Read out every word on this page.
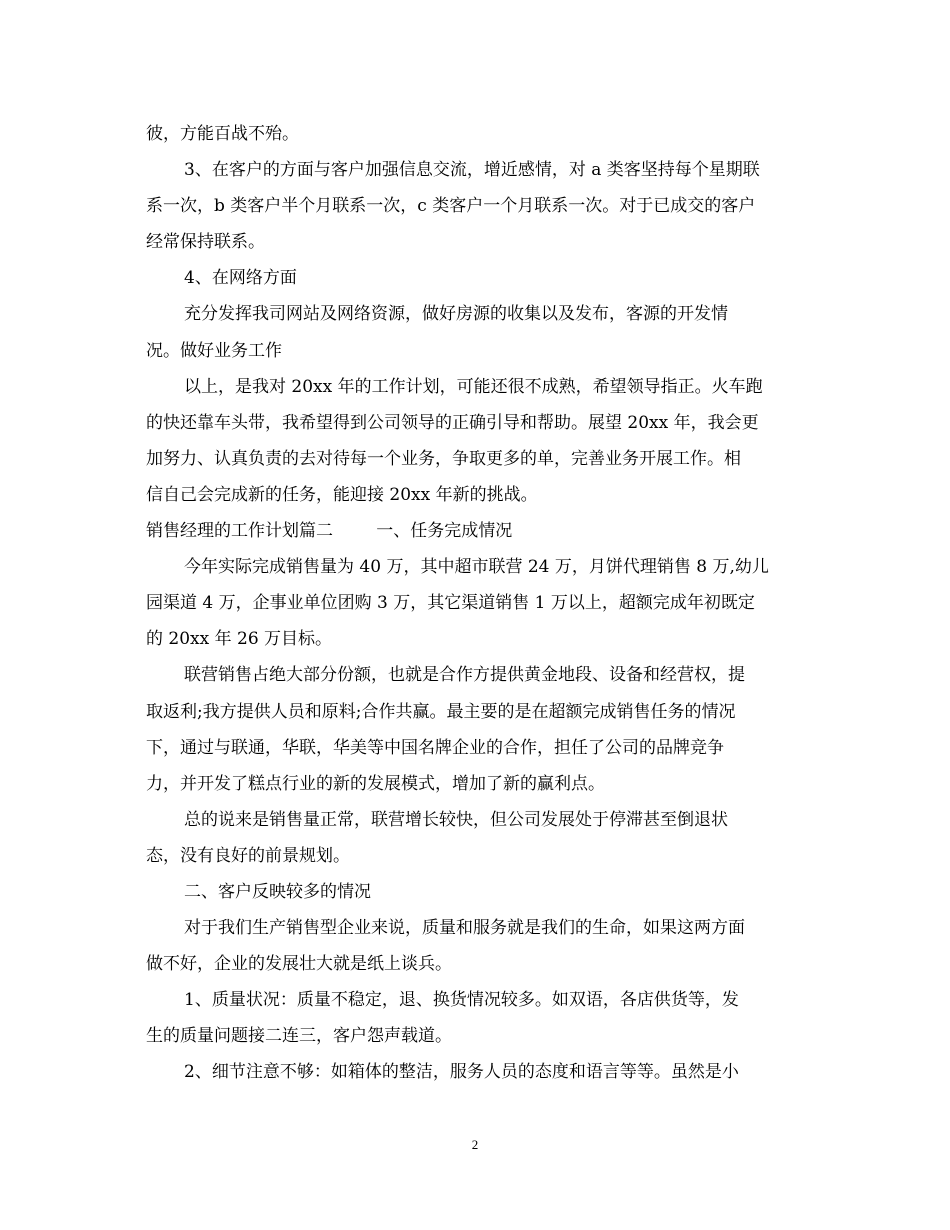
彼，方能百战不殆。
3、在客户的方面与客户加强信息交流，增近感情，对 a 类客坚持每个星期联
系一次，b 类客户半个月联系一次，c 类客户一个月联系一次。对于已成交的客户
经常保持联系。
4、在网络方面
充分发挥我司网站及网络资源，做好房源的收集以及发布，客源的开发情
况。做好业务工作
以上，是我对 20xx 年的工作计划，可能还很不成熟，希望领导指正。火车跑
的快还靠车头带，我希望得到公司领导的正确引导和帮助。展望 20xx 年，我会更
加努力、认真负责的去对待每一个业务，争取更多的单，完善业务开展工作。相
信自己会完成新的任务，能迎接 20xx 年新的挑战。
销售经理的工作计划篇二        一、任务完成情况
今年实际完成销售量为 40 万，其中超市联营 24 万，月饼代理销售 8 万,幼儿
园渠道 4 万，企事业单位团购 3 万，其它渠道销售 1 万以上，超额完成年初既定
的 20xx 年 26 万目标。
联营销售占绝大部分份额，也就是合作方提供黄金地段、设备和经营权，提
取返利;我方提供人员和原料;合作共赢。最主要的是在超额完成销售任务的情况
下，通过与联通，华联，华美等中国名牌企业的合作，担任了公司的品牌竞争
力，并开发了糕点行业的新的发展模式，增加了新的赢利点。
总的说来是销售量正常，联营增长较快，但公司发展处于停滞甚至倒退状
态，没有良好的前景规划。
二、客户反映较多的情况
对于我们生产销售型企业来说，质量和服务就是我们的生命，如果这两方面
做不好，企业的发展壮大就是纸上谈兵。
1、质量状况：质量不稳定，退、换货情况较多。如双语，各店供货等，发
生的质量问题接二连三，客户怨声载道。
2、细节注意不够：如箱体的整洁，服务人员的态度和语言等等。虽然是小
2
